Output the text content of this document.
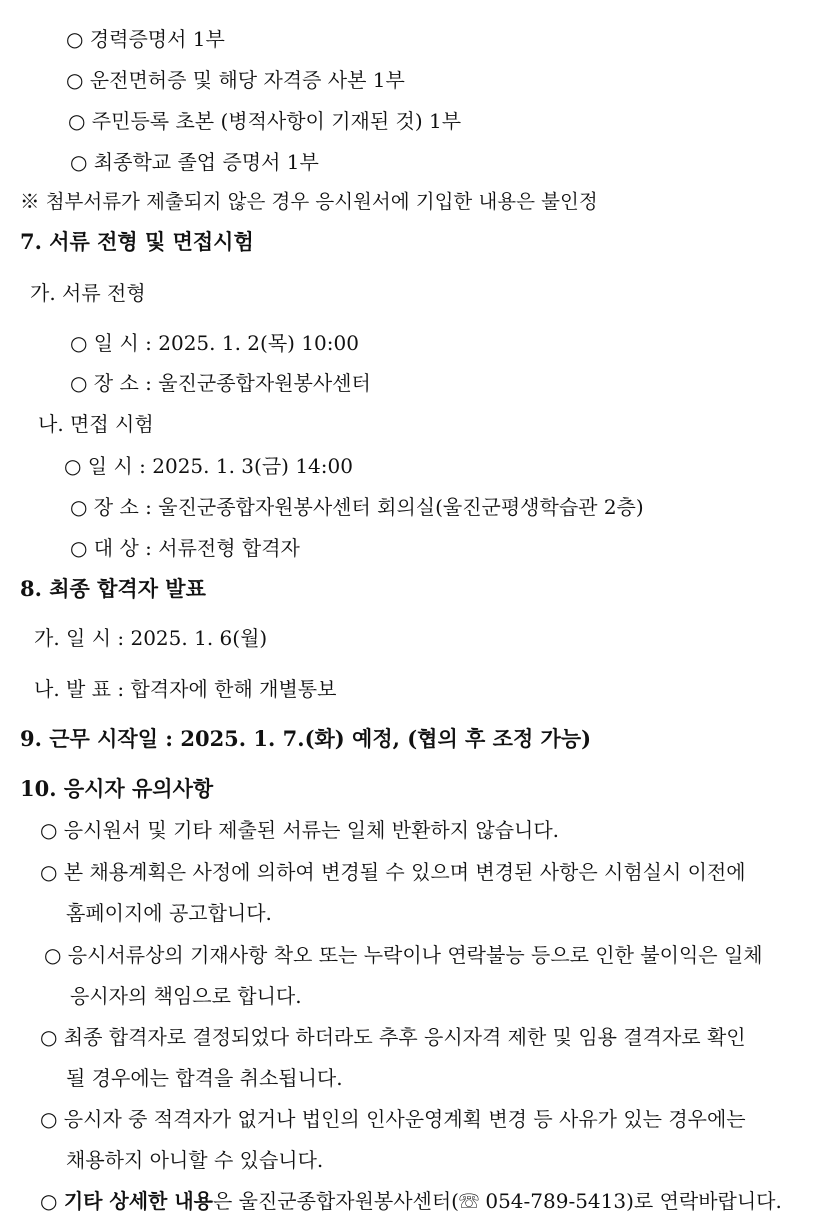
○ 경력증명서 1부
○ 운전면허증 및 해당 자격증 사본 1부
○ 주민등록 초본 (병적사항이 기재된 것) 1부
○ 최종학교 졸업 증명서 1부
※ 첨부서류가 제출되지 않은 경우 응시원서에 기입한 내용은 불인정
7. 서류 전형 및 면접시험
가. 서류 전형
○ 일 시 : 2025. 1. 2(목) 10:00
○ 장 소 : 울진군종합자원봉사센터
나. 면접 시험
○ 일 시 : 2025. 1. 3(금) 14:00
○ 장 소 : 울진군종합자원봉사센터 회의실(울진군평생학습관 2층)
○ 대 상 : 서류전형 합격자
8. 최종 합격자 발표
가. 일 시 : 2025. 1. 6(월)
나. 발 표 : 합격자에 한해 개별통보
9. 근무 시작일 : 2025. 1. 7.(화) 예정, (협의 후 조정 가능)
10. 응시자 유의사항
○ 응시원서 및 기타 제출된 서류는 일체 반환하지 않습니다.
○ 본 채용계획은 사정에 의하여 변경될 수 있으며 변경된 사항은 시험실시 이전에
홈페이지에 공고합니다.
○ 응시서류상의 기재사항 착오 또는 누락이나 연락불능 등으로 인한 불이익은 일체
응시자의 책임으로 합니다.
○ 최종 합격자로 결정되었다 하더라도 추후 응시자격 제한 및 임용 결격자로 확인
될 경우에는 합격을 취소됩니다.
○ 응시자 중 적격자가 없거나 법인의 인사운영계획 변경 등 사유가 있는 경우에는
채용하지 아니할 수 있습니다.
○ 기타 상세한 내용은 울진군종합자원봉사센터(☏ 054-789-5413)로 연락바랍니다.
